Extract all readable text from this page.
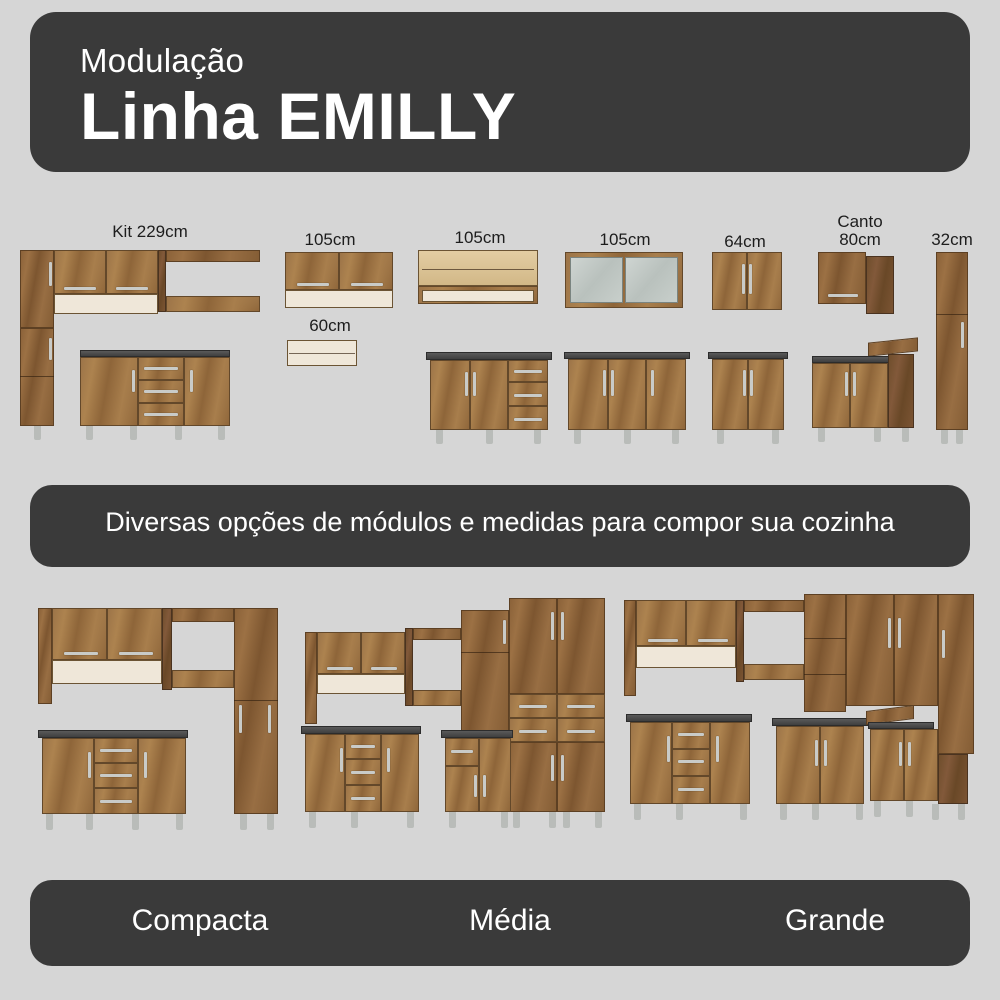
Modulação
Linha EMILLY
Kit 229cm	105cm
60cm
105cm	105cm	64cm
Canto
80cm	32cm
Diversas opções de módulos e medidas para compor sua cozinha
Compacta	Média	Grande
